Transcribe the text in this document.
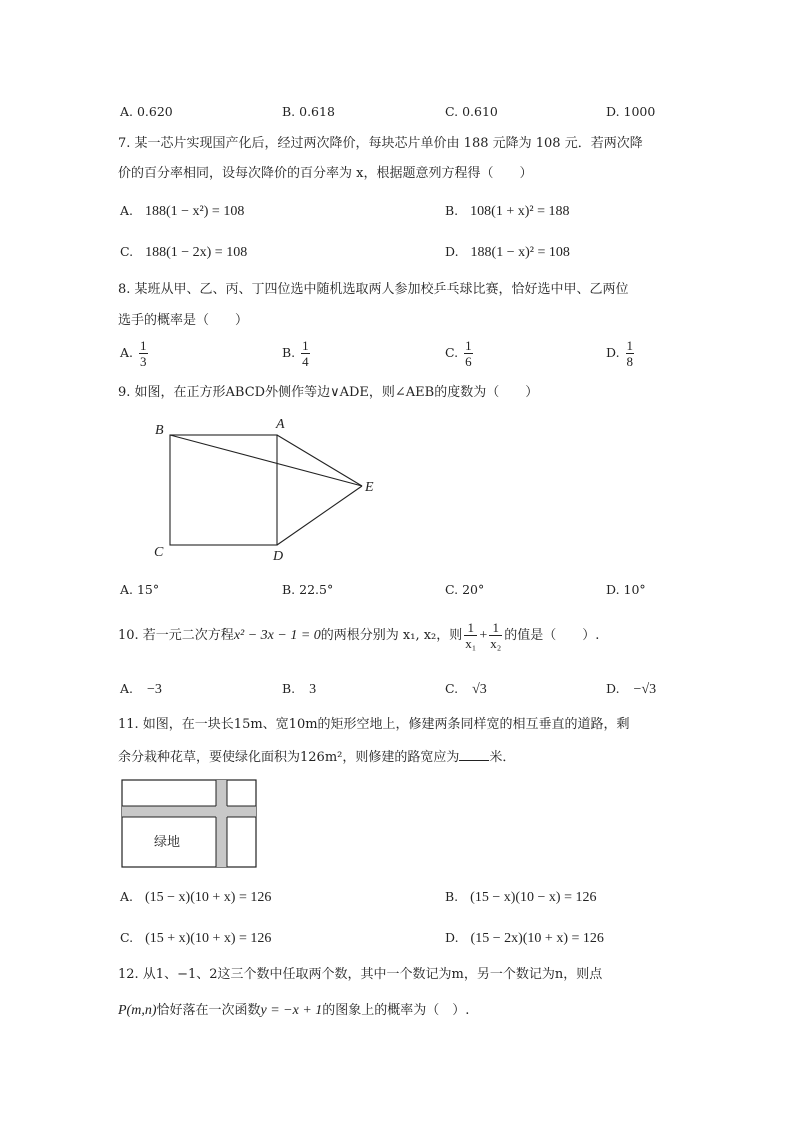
A. 0.620	B. 0.618	C. 0.610	D. 1000
7. 某一芯片实现国产化后，经过两次降价，每块芯片单价由 188 元降为 108 元．若两次降
价的百分率相同，设每次降价的百分率为 x，根据题意列方程得（　　）
A. 188(1 − x²) = 108	B. 108(1 + x)² = 188
C. 188(1 − 2x) = 108	D. 188(1 − x)² = 108
8. 某班从甲、乙、丙、丁四位选中随机选取两人参加校乒乓球比赛，恰好选中甲、乙两位
选手的概率是（　　）
A. $\frac{1}{3}$	B. $\frac{1}{4}$	C. $\frac{1}{6}$	D. $\frac{1}{8}$
9. 如图，在正方形ABCD外侧作等边∨ADE，则∠AEB的度数为（　　）
B	A
C	D
E
A. 15°	B. 22.5°	C. 20°	D. 10°
10. 若一元二次方程x² − 3x − 1 = 0的两根分别为 x₁, x₂，则 $\frac{1}{\text{x₁}} + \frac{1}{\text{x₂}}$ 的值是（　　）.
A. −3	B. 3	C. √3	D. −√3
11. 如图，在一块长15m、宽10m的矩形空地上，修建两条同样宽的相互垂直的道路，剩
余分栽种花草，要使绿化面积为126m²，则修建的路宽应为 米．
绿地
A. (15 − x)(10 + x) = 126	B. (15 − x)(10 − x) = 126
C. (15 + x)(10 + x) = 126	D. (15 − 2x)(10 + x) = 126
12. 从1、−1、2这三个数中任取两个数，其中一个数记为m，另一个数记为n，则点
P(m,n)恰好落在一次函数y = −x + 1的图象上的概率为（　）.
